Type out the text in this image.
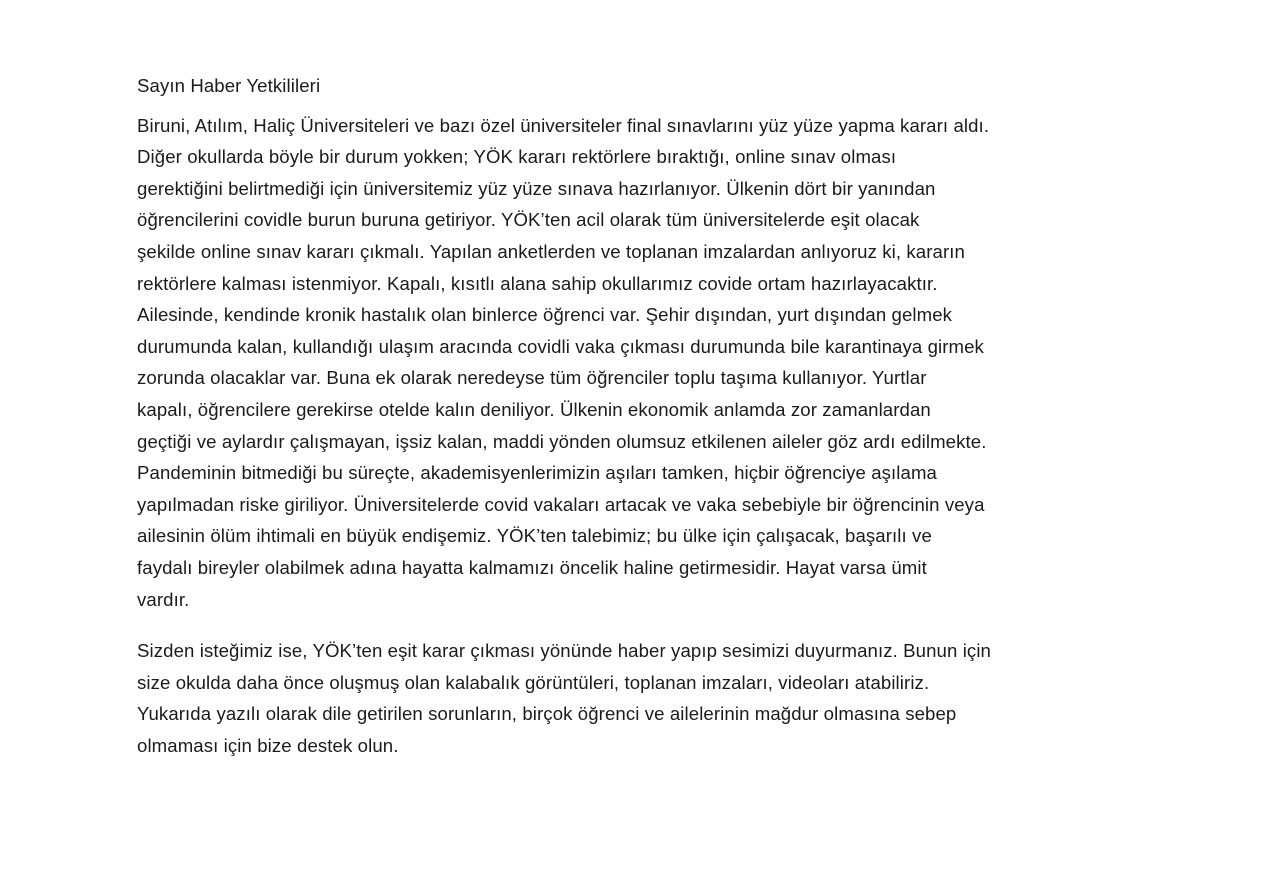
Sayın Haber Yetkilileri
Biruni, Atılım, Haliç Üniversiteleri ve bazı özel üniversiteler final sınavlarını yüz yüze yapma kararı aldı.
Diğer okullarda böyle bir durum yokken; YÖK kararı rektörlere bıraktığı, online sınav olması
gerektiğini belirtmediği için üniversitemiz yüz yüze sınava hazırlanıyor. Ülkenin dört bir yanından
öğrencilerini covidle burun buruna getiriyor. YÖK’ten acil olarak tüm üniversitelerde eşit olacak
şekilde online sınav kararı çıkmalı. Yapılan anketlerden ve toplanan imzalardan anlıyoruz ki, kararın
rektörlere kalması istenmiyor. Kapalı, kısıtlı alana sahip okullarımız covide ortam hazırlayacaktır.
Ailesinde, kendinde kronik hastalık olan binlerce öğrenci var. Şehir dışından, yurt dışından gelmek
durumunda kalan, kullandığı ulaşım aracında covidli vaka çıkması durumunda bile karantinaya girmek
zorunda olacaklar var. Buna ek olarak neredeyse tüm öğrenciler toplu taşıma kullanıyor. Yurtlar
kapalı, öğrencilere gerekirse otelde kalın deniliyor. Ülkenin ekonomik anlamda zor zamanlardan
geçtiği ve aylardır çalışmayan, işsiz kalan, maddi yönden olumsuz etkilenen aileler göz ardı edilmekte.
Pandeminin bitmediği bu süreçte, akademisyenlerimizin aşıları tamken, hiçbir öğrenciye aşılama
yapılmadan riske giriliyor. Üniversitelerde covid vakaları artacak ve vaka sebebiyle bir öğrencinin veya
ailesinin ölüm ihtimali en büyük endişemiz. YÖK’ten talebimiz; bu ülke için çalışacak, başarılı ve
faydalı bireyler olabilmek adına hayatta kalmamızı öncelik haline getirmesidir. Hayat varsa ümit
vardır.
Sizden isteğimiz ise, YÖK’ten eşit karar çıkması yönünde haber yapıp sesimizi duyurmanız. Bunun için
size okulda daha önce oluşmuş olan kalabalık görüntüleri, toplanan imzaları, videoları atabiliriz.
Yukarıda yazılı olarak dile getirilen sorunların, birçok öğrenci ve ailelerinin mağdur olmasına sebep
olmaması için bize destek olun.
